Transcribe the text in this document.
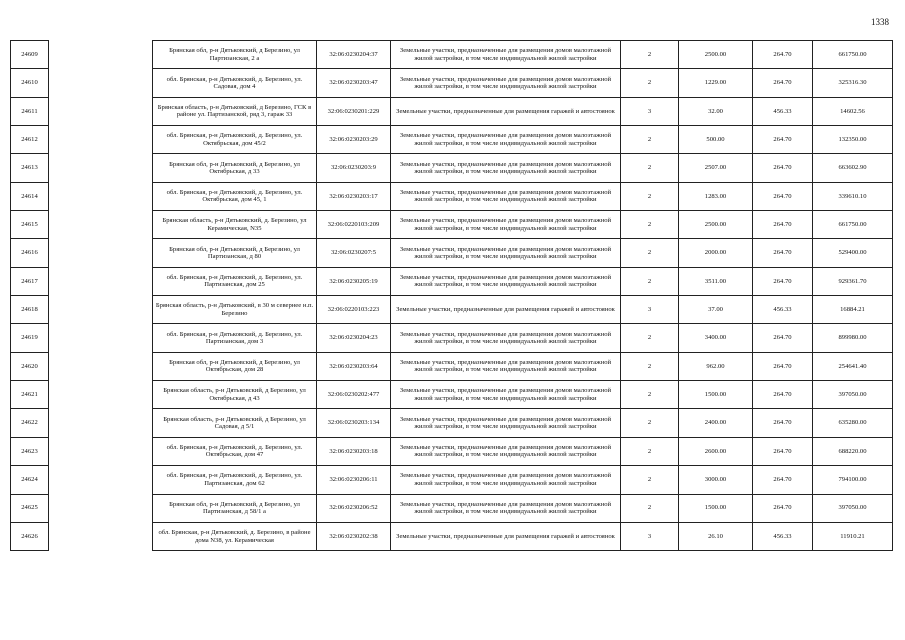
1338
24609		Брянская обл, р-н Дятьковский, д Березино, ул Партизанская, 2 а	32:06:0230204:37	Земельные участки, предназначенные для размещения домов малоэтажной жилой застройки, в том числе индивидуальной жилой застройки	2	2500.00	264.70	661750.00
24610		обл. Брянская, р-н Дятьковский, д. Березино, ул. Садовая, дом 4	32:06:0230203:47	Земельные участки, предназначенные для размещения домов малоэтажной жилой застройки, в том числе индивидуальной жилой застройки	2	1229.00	264.70	325316.30
24611		Брянская область, р-н Дятьковский, д Березино, ГСК в районе ул. Партизанской, ряд 3, гараж 33	32:06:0230201:229	Земельные участки, предназначенные для размещения гаражей и автостоянок	3	32.00	456.33	14602.56
24612		обл. Брянская, р-н Дятьковский, д. Березино, ул. Октябрьская, дом 45/2	32:06:0230203:29	Земельные участки, предназначенные для размещения домов малоэтажной жилой застройки, в том числе индивидуальной жилой застройки	2	500.00	264.70	132350.00
24613		Брянская обл, р-н Дятьковский, д Березино, ул Октябрьская, д 33	32:06:0230203:9	Земельные участки, предназначенные для размещения домов малоэтажной жилой застройки, в том числе индивидуальной жилой застройки	2	2507.00	264.70	663602.90
24614		обл. Брянская, р-н Дятьковский, д. Березино, ул. Октябрьская, дом 45, 1	32:06:0230203:17	Земельные участки, предназначенные для размещения домов малоэтажной жилой застройки, в том числе индивидуальной жилой застройки	2	1283.00	264.70	339610.10
24615		Брянская область, р-н Дятьковский, д. Березино, ул Керамическая, N35	32:06:0220103:209	Земельные участки, предназначенные для размещения домов малоэтажной жилой застройки, в том числе индивидуальной жилой застройки	2	2500.00	264.70	661750.00
24616		Брянская обл, р-н Дятьковский, д Березино, ул Партизанская, д 80	32:06:0230207:5	Земельные участки, предназначенные для размещения домов малоэтажной жилой застройки, в том числе индивидуальной жилой застройки	2	2000.00	264.70	529400.00
24617		обл. Брянская, р-н Дятьковский, д. Березино, ул. Партизанская, дом 25	32:06:0230205:19	Земельные участки, предназначенные для размещения домов малоэтажной жилой застройки, в том числе индивидуальной жилой застройки	2	3511.00	264.70	929361.70
24618		Брянская область, р-н Дятьковский, в 30 м севернее н.п. Березино	32:06:0220103:223	Земельные участки, предназначенные для размещения гаражей и автостоянок	3	37.00	456.33	16884.21
24619		обл. Брянская, р-н Дятьковский, д. Березино, ул. Партизанская, дом 3	32:06:0230204:23	Земельные участки, предназначенные для размещения домов малоэтажной жилой застройки, в том числе индивидуальной жилой застройки	2	3400.00	264.70	899980.00
24620		Брянская обл, р-н Дятьковский, д Березино, ул Октябрьская, дом 28	32:06:0230203:64	Земельные участки, предназначенные для размещения домов малоэтажной жилой застройки, в том числе индивидуальной жилой застройки	2	962.00	264.70	254641.40
24621		Брянская область, р-н Дятьковский, д Березино, ул Октябрьская, д 43	32:06:0230202:477	Земельные участки, предназначенные для размещения домов малоэтажной жилой застройки, в том числе индивидуальной жилой застройки	2	1500.00	264.70	397050.00
24622		Брянская область, р-н Дятьковский, д Березино, ул Садовая, д 5/1	32:06:0230203:134	Земельные участки, предназначенные для размещения домов малоэтажной жилой застройки, в том числе индивидуальной жилой застройки	2	2400.00	264.70	635280.00
24623		обл. Брянская, р-н Дятьковский, д. Березино, ул. Октябрьская, дом 47	32:06:0230203:18	Земельные участки, предназначенные для размещения домов малоэтажной жилой застройки, в том числе индивидуальной жилой застройки	2	2600.00	264.70	688220.00
24624		обл. Брянская, р-н Дятьковский, д. Березино, ул. Партизанская, дом 62	32:06:0230206:11	Земельные участки, предназначенные для размещения домов малоэтажной жилой застройки, в том числе индивидуальной жилой застройки	2	3000.00	264.70	794100.00
24625		Брянская обл, р-н Дятьковский, д Березино, ул Партизанская, д 58/1 а	32:06:0230206:52	Земельные участки, предназначенные для размещения домов малоэтажной жилой застройки, в том числе индивидуальной жилой застройки	2	1500.00	264.70	397050.00
24626		обл. Брянская, р-н Дятьковский, д. Березино, в районе дома N38, ул. Керамическая	32:06:0230202:38	Земельные участки, предназначенные для размещения гаражей и автостоянок	3	26.10	456.33	11910.21
